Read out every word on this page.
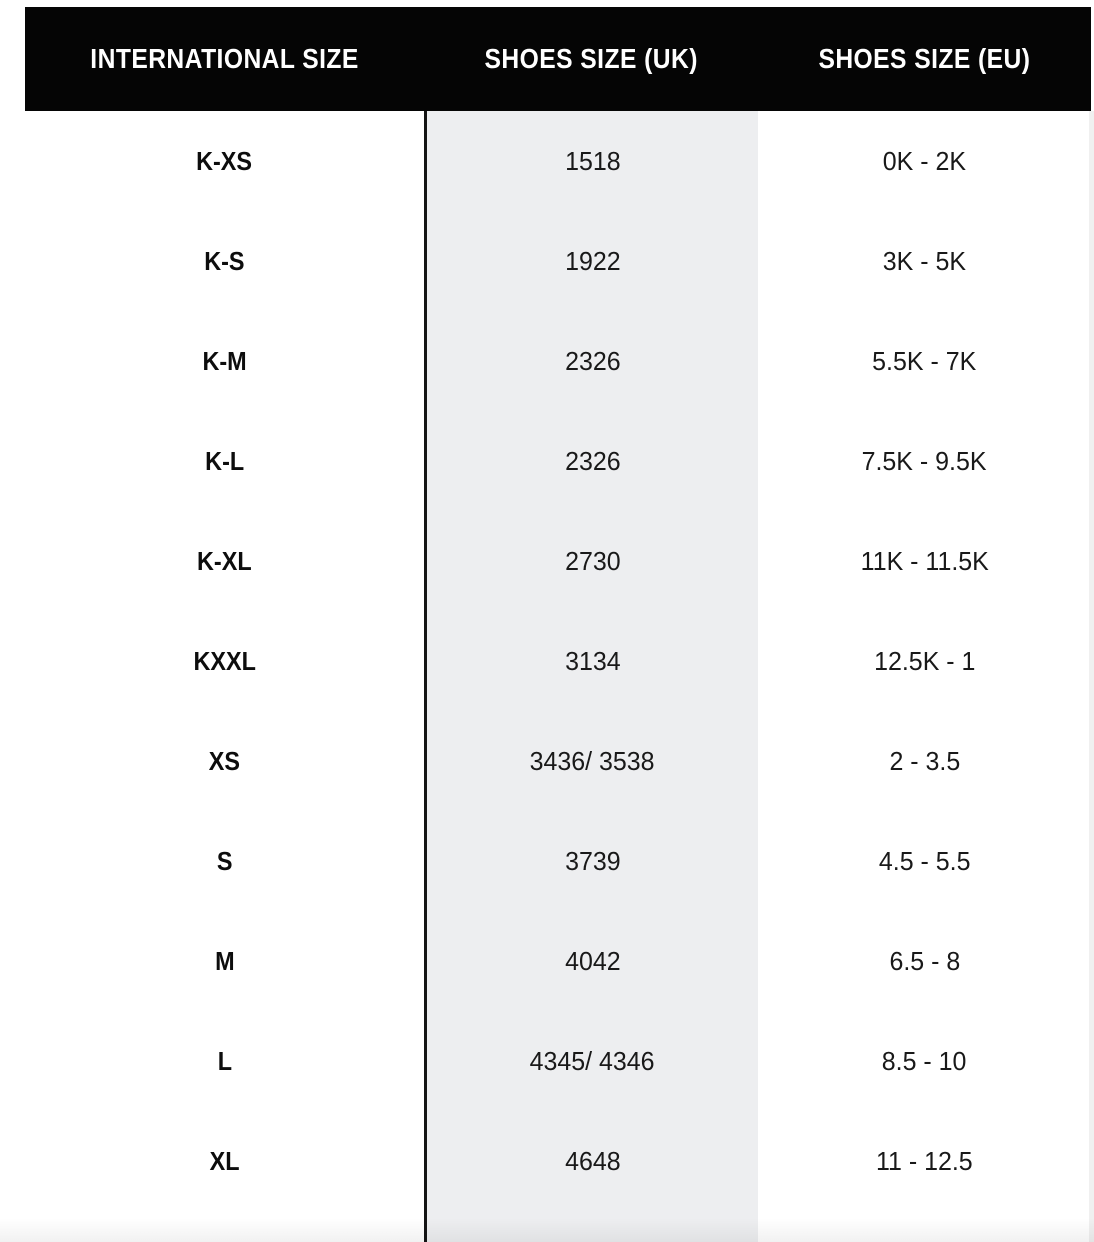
INTERNATIONAL SIZE	SHOES SIZE (UK)	SHOES SIZE (EU)
K-XS	1518	0K - 2K
K-S	1922	3K - 5K
K-M	2326	5.5K - 7K
K-L	2326	7.5K - 9.5K
K-XL	2730	11K - 11.5K
KXXL	3134	12.5K - 1
XS	3436/ 3538	2 - 3.5
S	3739	4.5 - 5.5
M	4042	6.5 - 8
L	4345/ 4346	8.5 - 10
XL	4648	11 - 12.5
